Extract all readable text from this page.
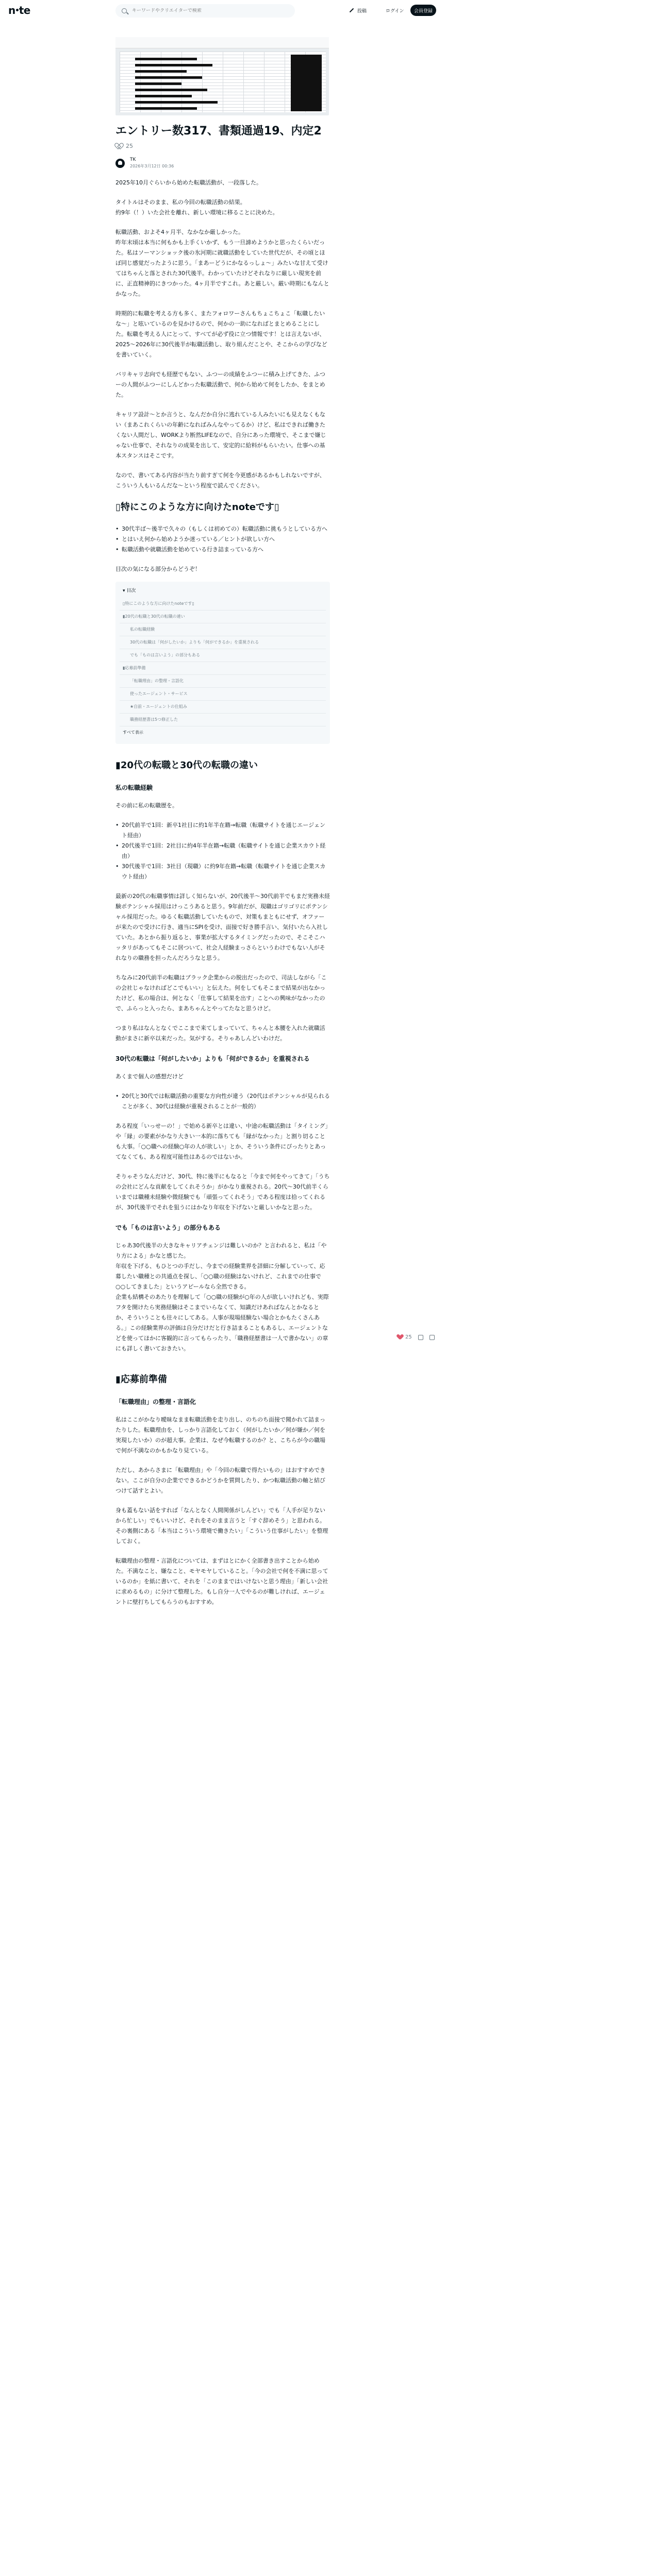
n te
キーワードやクリエイターで検索	投稿	ログイン	会員登録
エントリー数317、書類通過19、内定2
25
TK
2026年3月12日 00:36

2025年10月ぐらいから始めた転職活動が、一段落した。

タイトルはそのまま、私の今回の転職活動の結果。
約9年（！）いた会社を離れ、新しい環境に移ることに決めた。

転職活動、およそ4ヶ月半、なかなか厳しかった。
昨年末頃は本当に何もかも上手くいかず、もう一旦諦めようかと思ったくらいだった。私はソーマンショック後の氷河期に就職活動をしていた世代だが、その頃とほぼ同じ感覚だったように思う。「まあーどうにかなるっしょ～」みたいな甘えて受けてはちゃんと落とされた30代後半。わかっていたけどそれなりに厳しい現実を前に、正直精神的にきつかった。4ヶ月半ですこれ。あと厳しい。厳い時期にもなんとかなった。

時期的に転職を考える方も多く、またフォロワーさんもちょこちょこ「転職したいな〜」と呟いているのを見かけるので、何かの一助になればとまとめることにした。転職を考える人にとって、すべてが必ず役に立つ情報です！とは言えないが、2025〜2026年に30代後半が転職活動し、取り組んだことや、そこからの学びなどを書いていく。

バリキャリ志向でも経歴でもない、ふつーの成績をふつーに積み上げてきた、ふつーの人間がふつーにしんどかった転職活動で、何から始めて何をしたか、をまとめた。

キャリア設計〜とか言うと、なんだか自分に逃れている人みたいにも見えなくもない（まあこれくらいの年齢になればみんなやってるか）けど、私はできれば働きたくない人間だし、WORKより断然LIFEなので、自分にあった環境で、そこまで嫌じゃない仕事で、それなりの成果を出して、安定的に給料がもらいたい。仕事への基本スタンスはそこです。

なので、書いてある内容が当たり前すぎて何を今更感があるかもしれないですが、こういう人もいるんだな〜という程度で読んでください。

▯特にこのような方に向けたnoteです▯
• 30代半ば〜後半で久々の（もしくは初めての）転職活動に挑もうとしている方へ
• とはいえ何から始めようか迷っている／ヒントが欲しい方へ
• 転職活動や就職活動を始めている行き詰まっている方へ

目次の気になる部分からどうぞ！

▾ 目次
▯特にこのような方に向けたnoteです▯
▮20代の転職と30代の転職の違い
私の転職経験
30代の転職は「何がしたいか」よりも「何ができるか」を重視される
でも「ものは言いよう」の部分もある
▮応募前準備
「転職理由」の整理・言語化
使ったエージェント・サービス
★自前・エージェントの仕組み
職務経歴書は5つ修正した
すべて表示
▮20代の転職と30代の転職の違い
私の転職経験

その前に私の転職歴を。

• 20代前半で1回：新卒1社目に約1年半在籍→転職（転職サイトを通じエージェント経由）
• 20代後半で1回：2社目に約4年半在籍→転職（転職サイトを通じ企業スカウト経由）
• 30代後半で1回：3社目（現職）に約9年在籍→転職（転職サイトを通じ企業スカウト経由）

最新の20代の転職事情は詳しく知らないが、20代後半〜30代前半でもまだ実務未経験ポテンシャル採用はけっこうあると思う。9年前だが、現職はゴリゴリにポテンシャル採用だった。ゆるく転職活動していたもので、対策もまともにせず、オファーが来たので受けに行き、適当にSPIを受け、面接で好き勝手言い、気付いたら入社していた。あとから振り返ると、事業が拡大するタイミングだったので、そこそこハッタリがあってもそこに居ついて、社会人経験まっさらというわけでもない人がそれなりの職務を担ったんだろうなと思う。

ちなみに20代前半の転職はブラック企業からの脱出だったので、司法しながら「この会社じゃなければどこでもいい」と伝えた。何をしてもそこまで結果が出なかったけど、私の場合は、何となく「仕事して結果を出す」ことへの興味がなかったので、ふらっと入ったら、まあちゃんとやってたなと思うけど。

つまり私はなんとなくでここまで来てしまっていて、ちゃんと本腰を入れた就職活動がまさに新卒以来だった。気がする。そりゃあしんどいわけだ。

30代の転職は「何がしたいか」よりも「何ができるか」を重視される

あくまで個人の感想だけど

• 20代と30代では転職活動の重要な方向性が違う（20代はポテンシャルが見られることが多く、30代は経験が重視されることが一般的）

ある程度「いっせーの！」で始める新卒とは違い、中途の転職活動は「タイミング」や「縁」の要素がかなり大きい一本的に落ちても「縁がなかった」と割り切ることも大事。「○○職への経験○年の人が欲しい」とか、そういう条件にぴったりとあってなくても、ある程度可能性はあるのではないか。

そりゃそうなんだけど、30代、特に後半にもなると「今まで何をやってきて」「うちの会社にどんな貢献をしてくれそうか」がかなり重視される。20代〜30代前半くらいまでは職種未経験や微経験でも「頑張ってくれそう」である程度は拾ってくれるが、30代後半でそれを狙うにはかなり年収を下げないと厳しいかなと思った。

でも「ものは言いよう」の部分もある

じゃあ30代後半の大きなキャリアチェンジは難しいのか？と言われると、私は「やり方による」かなと感じた。
年収を下げる、もひとつの手だし、今までの経験業界を詳細に分解していって、応募したい職種との共通点を探し、「○○職の経験はないけれど、これまでの仕事で○○してきました」というアピールなら全然できる。
企業も結構そのあたりを理解して「○○職の経験が○年の人が欲しいけれども、実際フタを開けたら実務経験はそこまでいらなくて、知識だけあればなんとかなるとか、そういうことも往々にしてある。人事が現場経験ない場合とかもたくさんある。」この経験業界の評価は自分だけだと行き詰まることもあるし、エージェントなどを使ってほかに客観的に言ってもらったり、「職務経歴書は一人で書かない」の章にも詳しく書いておきたい。

▮応募前準備
「転職理由」の整理・言語化

私はここがかなり曖昧なまま転職活動を走り出し、のちのち面接で聞かれて詰まったりした。転職理由を、しっかり言語化しておく（何がしたいか／何が嫌か／何を実現したいか）のが超大事。企業は、なぜ今転職するのか？と、こちらが今の職場で何が不満なのかもかなり見ている。

ただし、あからさまに「転職理由」や「今回の転職で得たいもの」はおすすめできない。ここが自分の企業でできるかどうかを質問したり、かつ転職活動の軸と結びつけて話すとよい。

身も蓋もない話をすれば「なんとなく人間関係がしんどい」でも「人手が足りないから忙しい」でもいいけど、それをそのまま言うと「すぐ辞めそう」と思われる。その裏側にある「本当はこういう環境で働きたい」「こういう仕事がしたい」を整理しておく。

転職理由の整理・言語化については、まずはとにかく全部書き出すことから始めた。不満なこと、嫌なこと、モヤモヤしていること。「今の会社で何を不満に思っているのか」を紙に書いて、それを「このままではいけないと思う理由」「新しい会社に求めるもの」に分けて整理した。もし自分一人でやるのが難しければ、エージェントに壁打ちしてもらうのもおすすめ。

25
